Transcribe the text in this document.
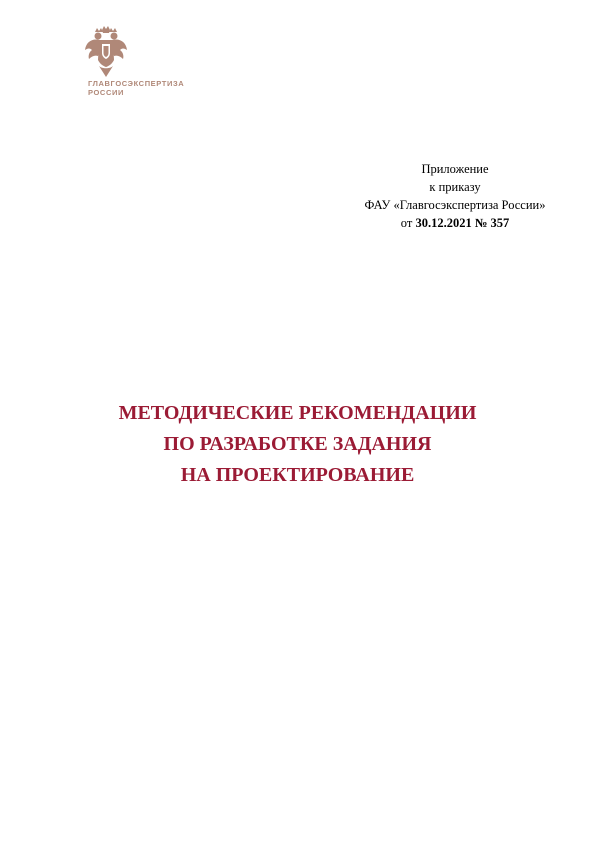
ГЛАВГОСЭКСПЕРТИЗА
РОССИИ
Приложение
к приказу
ФАУ «Главгосэкспертиза России»
от 30.12.2021 № 357
МЕТОДИЧЕСКИЕ РЕКОМЕНДАЦИИ
ПО РАЗРАБОТКЕ ЗАДАНИЯ
НА ПРОЕКТИРОВАНИЕ
